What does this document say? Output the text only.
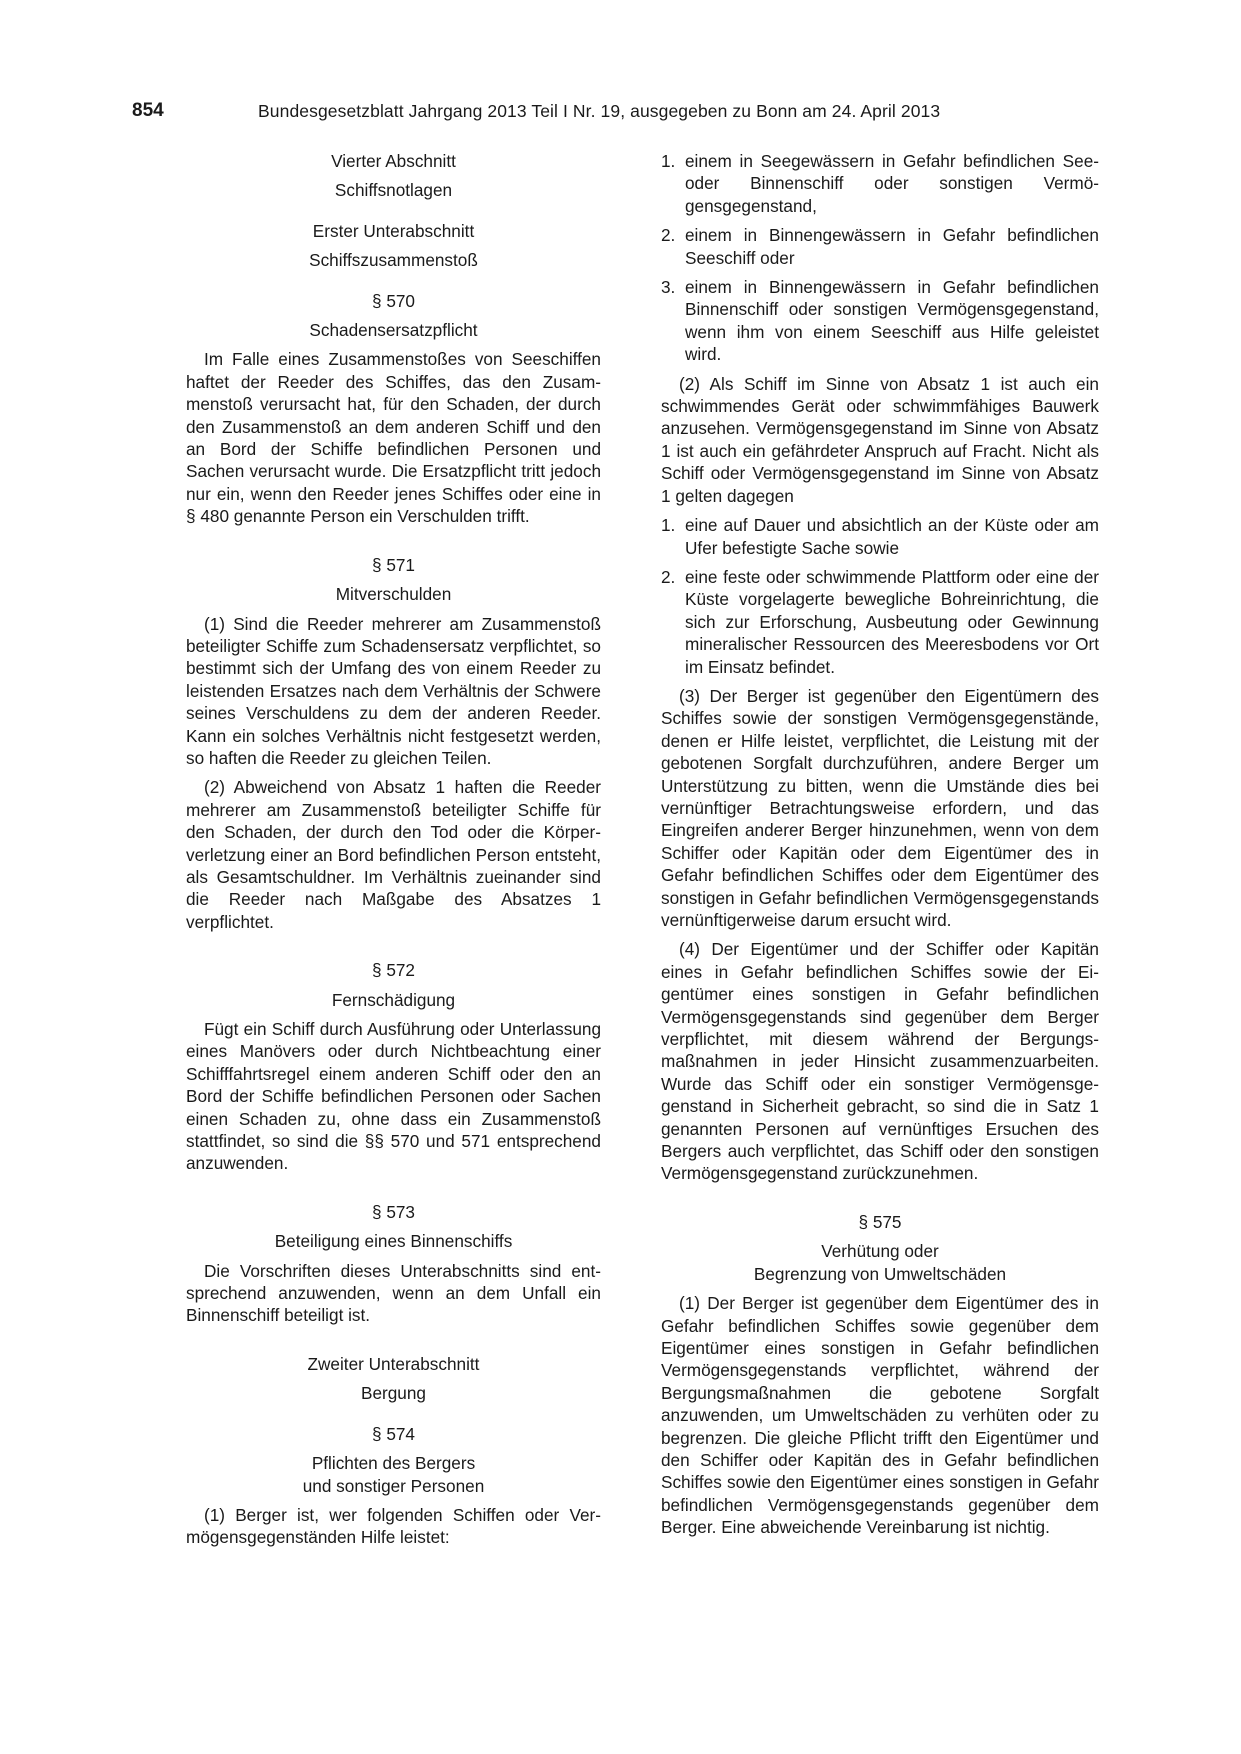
854	Bundesgesetzblatt Jahrgang 2013 Teil I Nr. 19, ausgegeben zu Bonn am 24. April 2013

Vierter Abschnitt

Schiffsnotlagen

Erster Unterabschnitt

Schiffszusammenstoß

§ 570

Schadensersatzpflicht

Im Falle eines Zusammenstoßes von Seeschiffen haftet der Reeder des Schiffes, das den Zusammenstoß verursacht hat, für den Schaden, der durch den Zusammenstoß an dem anderen Schiff und den an Bord der Schiffe befindlichen Personen und Sachen verursacht wurde. Die Ersatzpflicht tritt jedoch nur ein, wenn den Reeder jenes Schiffes oder eine in § 480 genannte Person ein Verschulden trifft.

§ 571

Mitverschulden

(1) Sind die Reeder mehrerer am Zusammenstoß beteiligter Schiffe zum Schadensersatz verpflichtet, so bestimmt sich der Umfang des von einem Reeder zu leistenden Ersatzes nach dem Verhältnis der Schwere seines Verschuldens zu dem der anderen Reeder. Kann ein solches Verhältnis nicht festgesetzt werden, so haften die Reeder zu gleichen Teilen.

(2) Abweichend von Absatz 1 haften die Reeder mehrerer am Zusammenstoß beteiligter Schiffe für den Schaden, der durch den Tod oder die Körperverletzung einer an Bord befindlichen Person entsteht, als Gesamtschuldner. Im Verhältnis zueinander sind die Reeder nach Maßgabe des Absatzes 1 verpflichtet.

§ 572

Fernschädigung

Fügt ein Schiff durch Ausführung oder Unterlassung eines Manövers oder durch Nichtbeachtung einer Schifffahrtsregel einem anderen Schiff oder den an Bord der Schiffe befindlichen Personen oder Sachen einen Schaden zu, ohne dass ein Zusammenstoß stattfindet, so sind die §§ 570 und 571 entsprechend anzuwenden.

§ 573

Beteiligung eines Binnenschiffs

Die Vorschriften dieses Unterabschnitts sind entsprechend anzuwenden, wenn an dem Unfall ein Binnenschiff beteiligt ist.

Zweiter Unterabschnitt

Bergung

§ 574

Pflichten des Bergers

und sonstiger Personen

(1) Berger ist, wer folgenden Schiffen oder Vermögensgegenständen Hilfe leistet:

1. einem in Seegewässern in Gefahr befindlichen See- oder Binnenschiff oder sonstigen Vermögensgegenstand,
2. einem in Binnengewässern in Gefahr befindlichen Seeschiff oder
3. einem in Binnengewässern in Gefahr befindlichen Binnenschiff oder sonstigen Vermögensgegenstand, wenn ihm von einem Seeschiff aus Hilfe geleistet wird.

(2) Als Schiff im Sinne von Absatz 1 ist auch ein schwimmendes Gerät oder schwimmfähiges Bauwerk anzusehen. Vermögensgegenstand im Sinne von Absatz 1 ist auch ein gefährdeter Anspruch auf Fracht. Nicht als Schiff oder Vermögensgegenstand im Sinne von Absatz 1 gelten dagegen

1. eine auf Dauer und absichtlich an der Küste oder am Ufer befestigte Sache sowie
2. eine feste oder schwimmende Plattform oder eine der Küste vorgelagerte bewegliche Bohreinrichtung, die sich zur Erforschung, Ausbeutung oder Gewinnung mineralischer Ressourcen des Meeresbodens vor Ort im Einsatz befindet.

(3) Der Berger ist gegenüber den Eigentümern des Schiffes sowie der sonstigen Vermögensgegenstände, denen er Hilfe leistet, verpflichtet, die Leistung mit der gebotenen Sorgfalt durchzuführen, andere Berger um Unterstützung zu bitten, wenn die Umstände dies bei vernünftiger Betrachtungsweise erfordern, und das Eingreifen anderer Berger hinzunehmen, wenn von dem Schiffer oder Kapitän oder dem Eigentümer des in Gefahr befindlichen Schiffes oder dem Eigentümer des sonstigen in Gefahr befindlichen Vermögensgegenstands vernünftigerweise darum ersucht wird.

(4) Der Eigentümer und der Schiffer oder Kapitän eines in Gefahr befindlichen Schiffes sowie der Eigentümer eines sonstigen in Gefahr befindlichen Vermögensgegenstands sind gegenüber dem Berger verpflichtet, mit diesem während der Bergungsmaßnahmen in jeder Hinsicht zusammenzuarbeiten. Wurde das Schiff oder ein sonstiger Vermögensgegenstand in Sicherheit gebracht, so sind die in Satz 1 genannten Personen auf vernünftiges Ersuchen des Bergers auch verpflichtet, das Schiff oder den sonstigen Vermögensgegenstand zurückzunehmen.

§ 575

Verhütung oder

Begrenzung von Umweltschäden

(1) Der Berger ist gegenüber dem Eigentümer des in Gefahr befindlichen Schiffes sowie gegenüber dem Eigentümer eines sonstigen in Gefahr befindlichen Vermögensgegenstands verpflichtet, während der Bergungsmaßnahmen die gebotene Sorgfalt anzuwenden, um Umweltschäden zu verhüten oder zu begrenzen. Die gleiche Pflicht trifft den Eigentümer und den Schiffer oder Kapitän des in Gefahr befindlichen Schiffes sowie den Eigentümer eines sonstigen in Gefahr befindlichen Vermögensgegenstands gegenüber dem Berger. Eine abweichende Vereinbarung ist nichtig.
